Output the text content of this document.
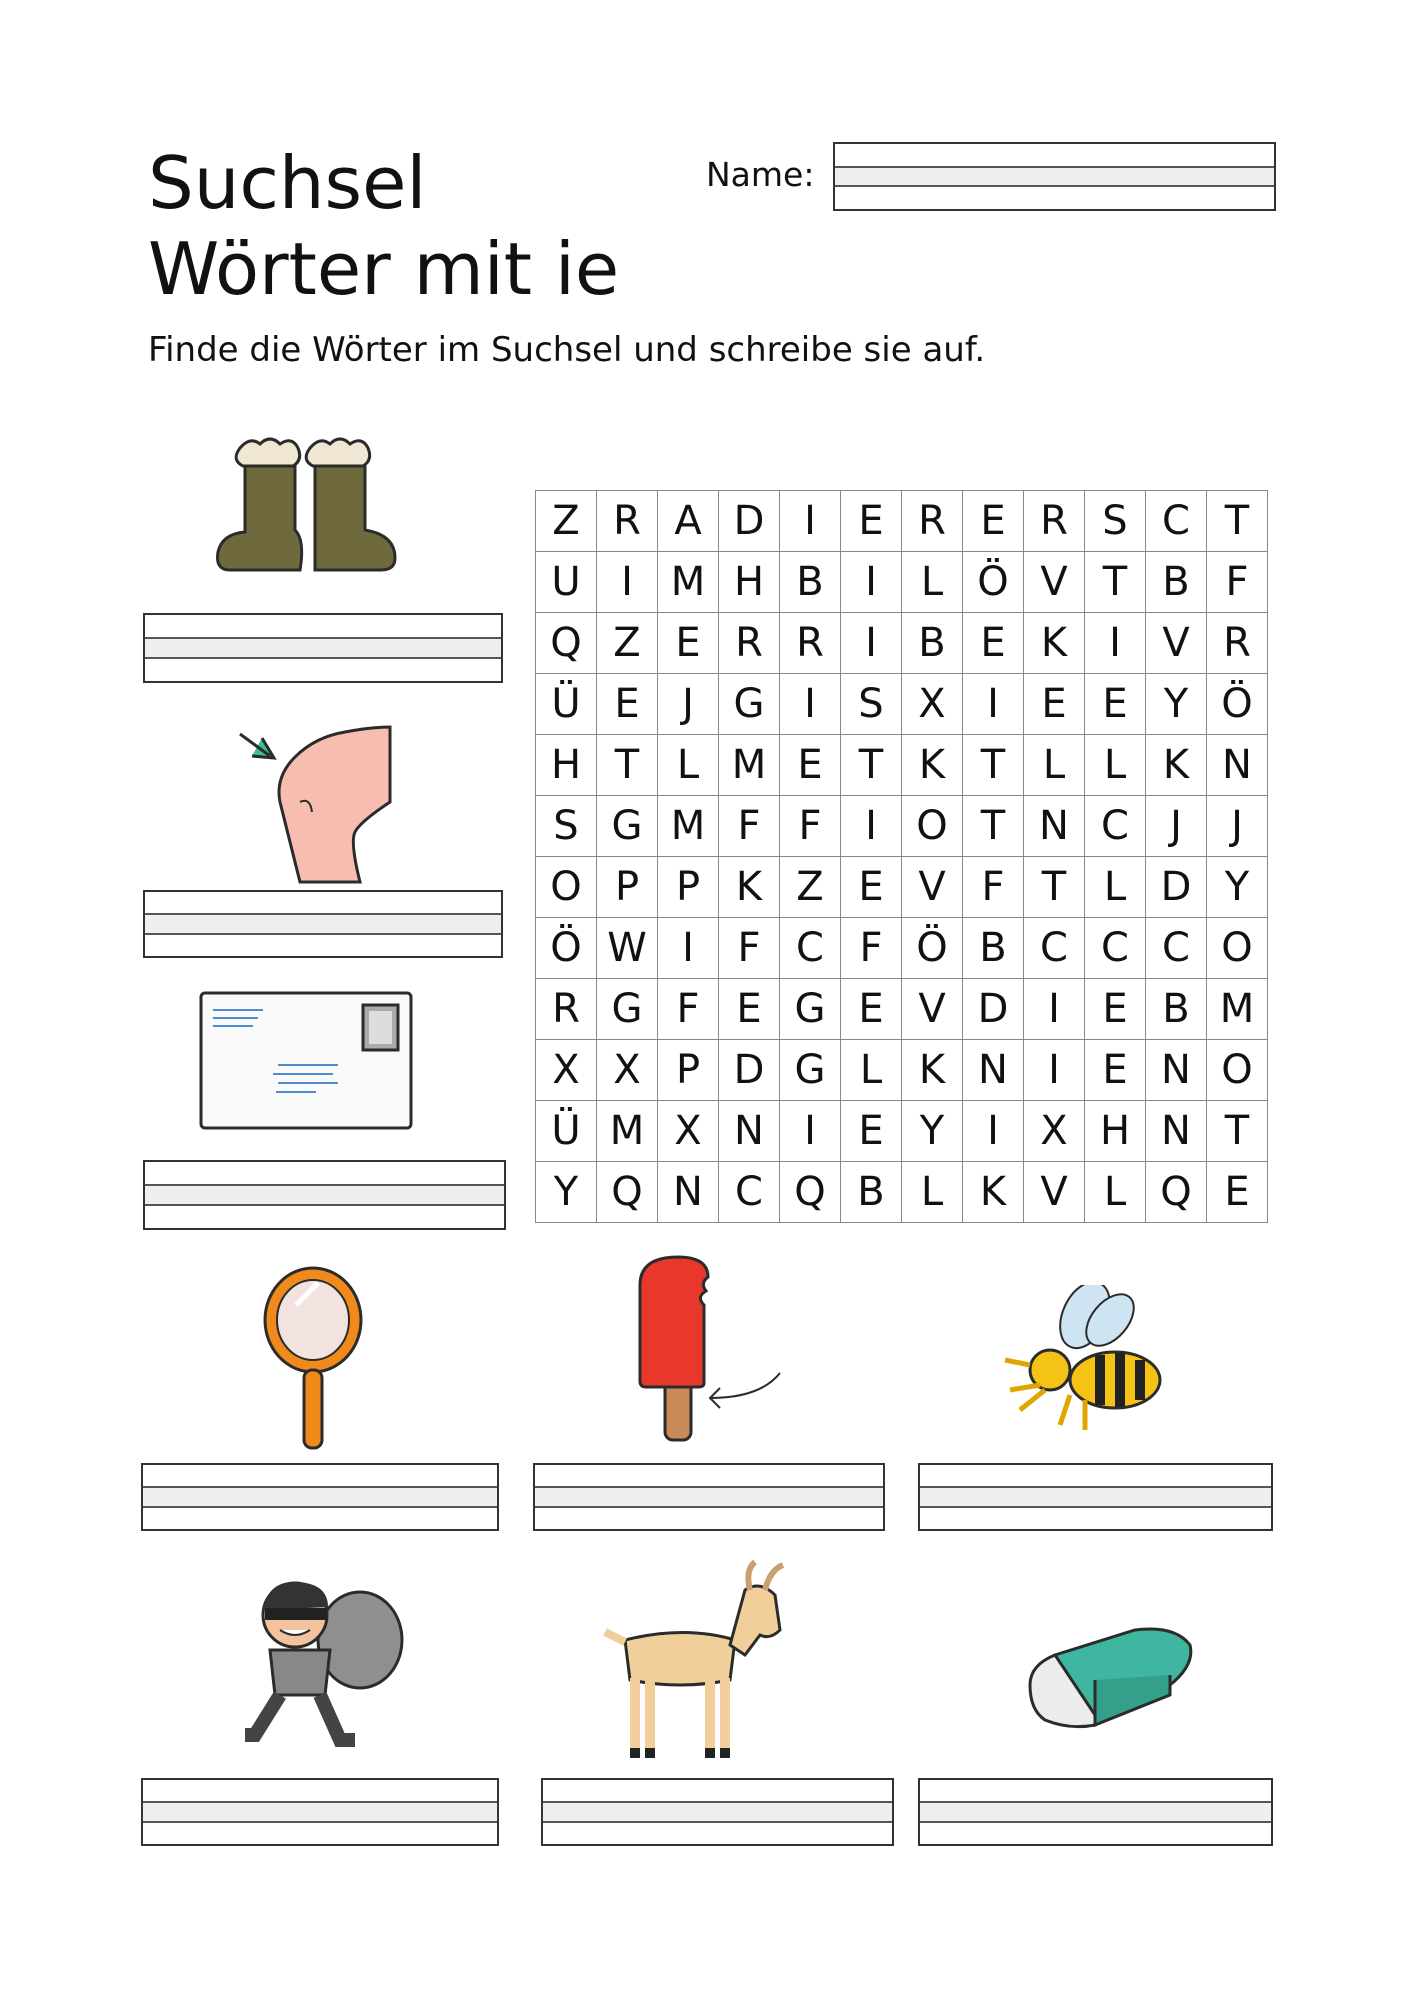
Suchsel
Wörter mit ie
Name:
Finde die Wörter im Suchsel und schreibe sie auf.
Z	R	A	D	I	E	R	E	R	S	C	T
U	I	M	H	B	I	L	Ö	V	T	B	F
Q	Z	E	R	R	I	B	E	K	I	V	R
Ü	E	J	G	I	S	X	I	E	E	Y	Ö
H	T	L	M	E	T	K	T	L	L	K	N
S	G	M	F	F	I	O	T	N	C	J	J
O	P	P	K	Z	E	V	F	T	L	D	Y
Ö	W	I	F	C	F	Ö	B	C	C	C	O
R	G	F	E	G	E	V	D	I	E	B	M
X	X	P	D	G	L	K	N	I	E	N	O
Ü	M	X	N	I	E	Y	I	X	H	N	T
Y	Q	N	C	Q	B	L	K	V	L	Q	E
